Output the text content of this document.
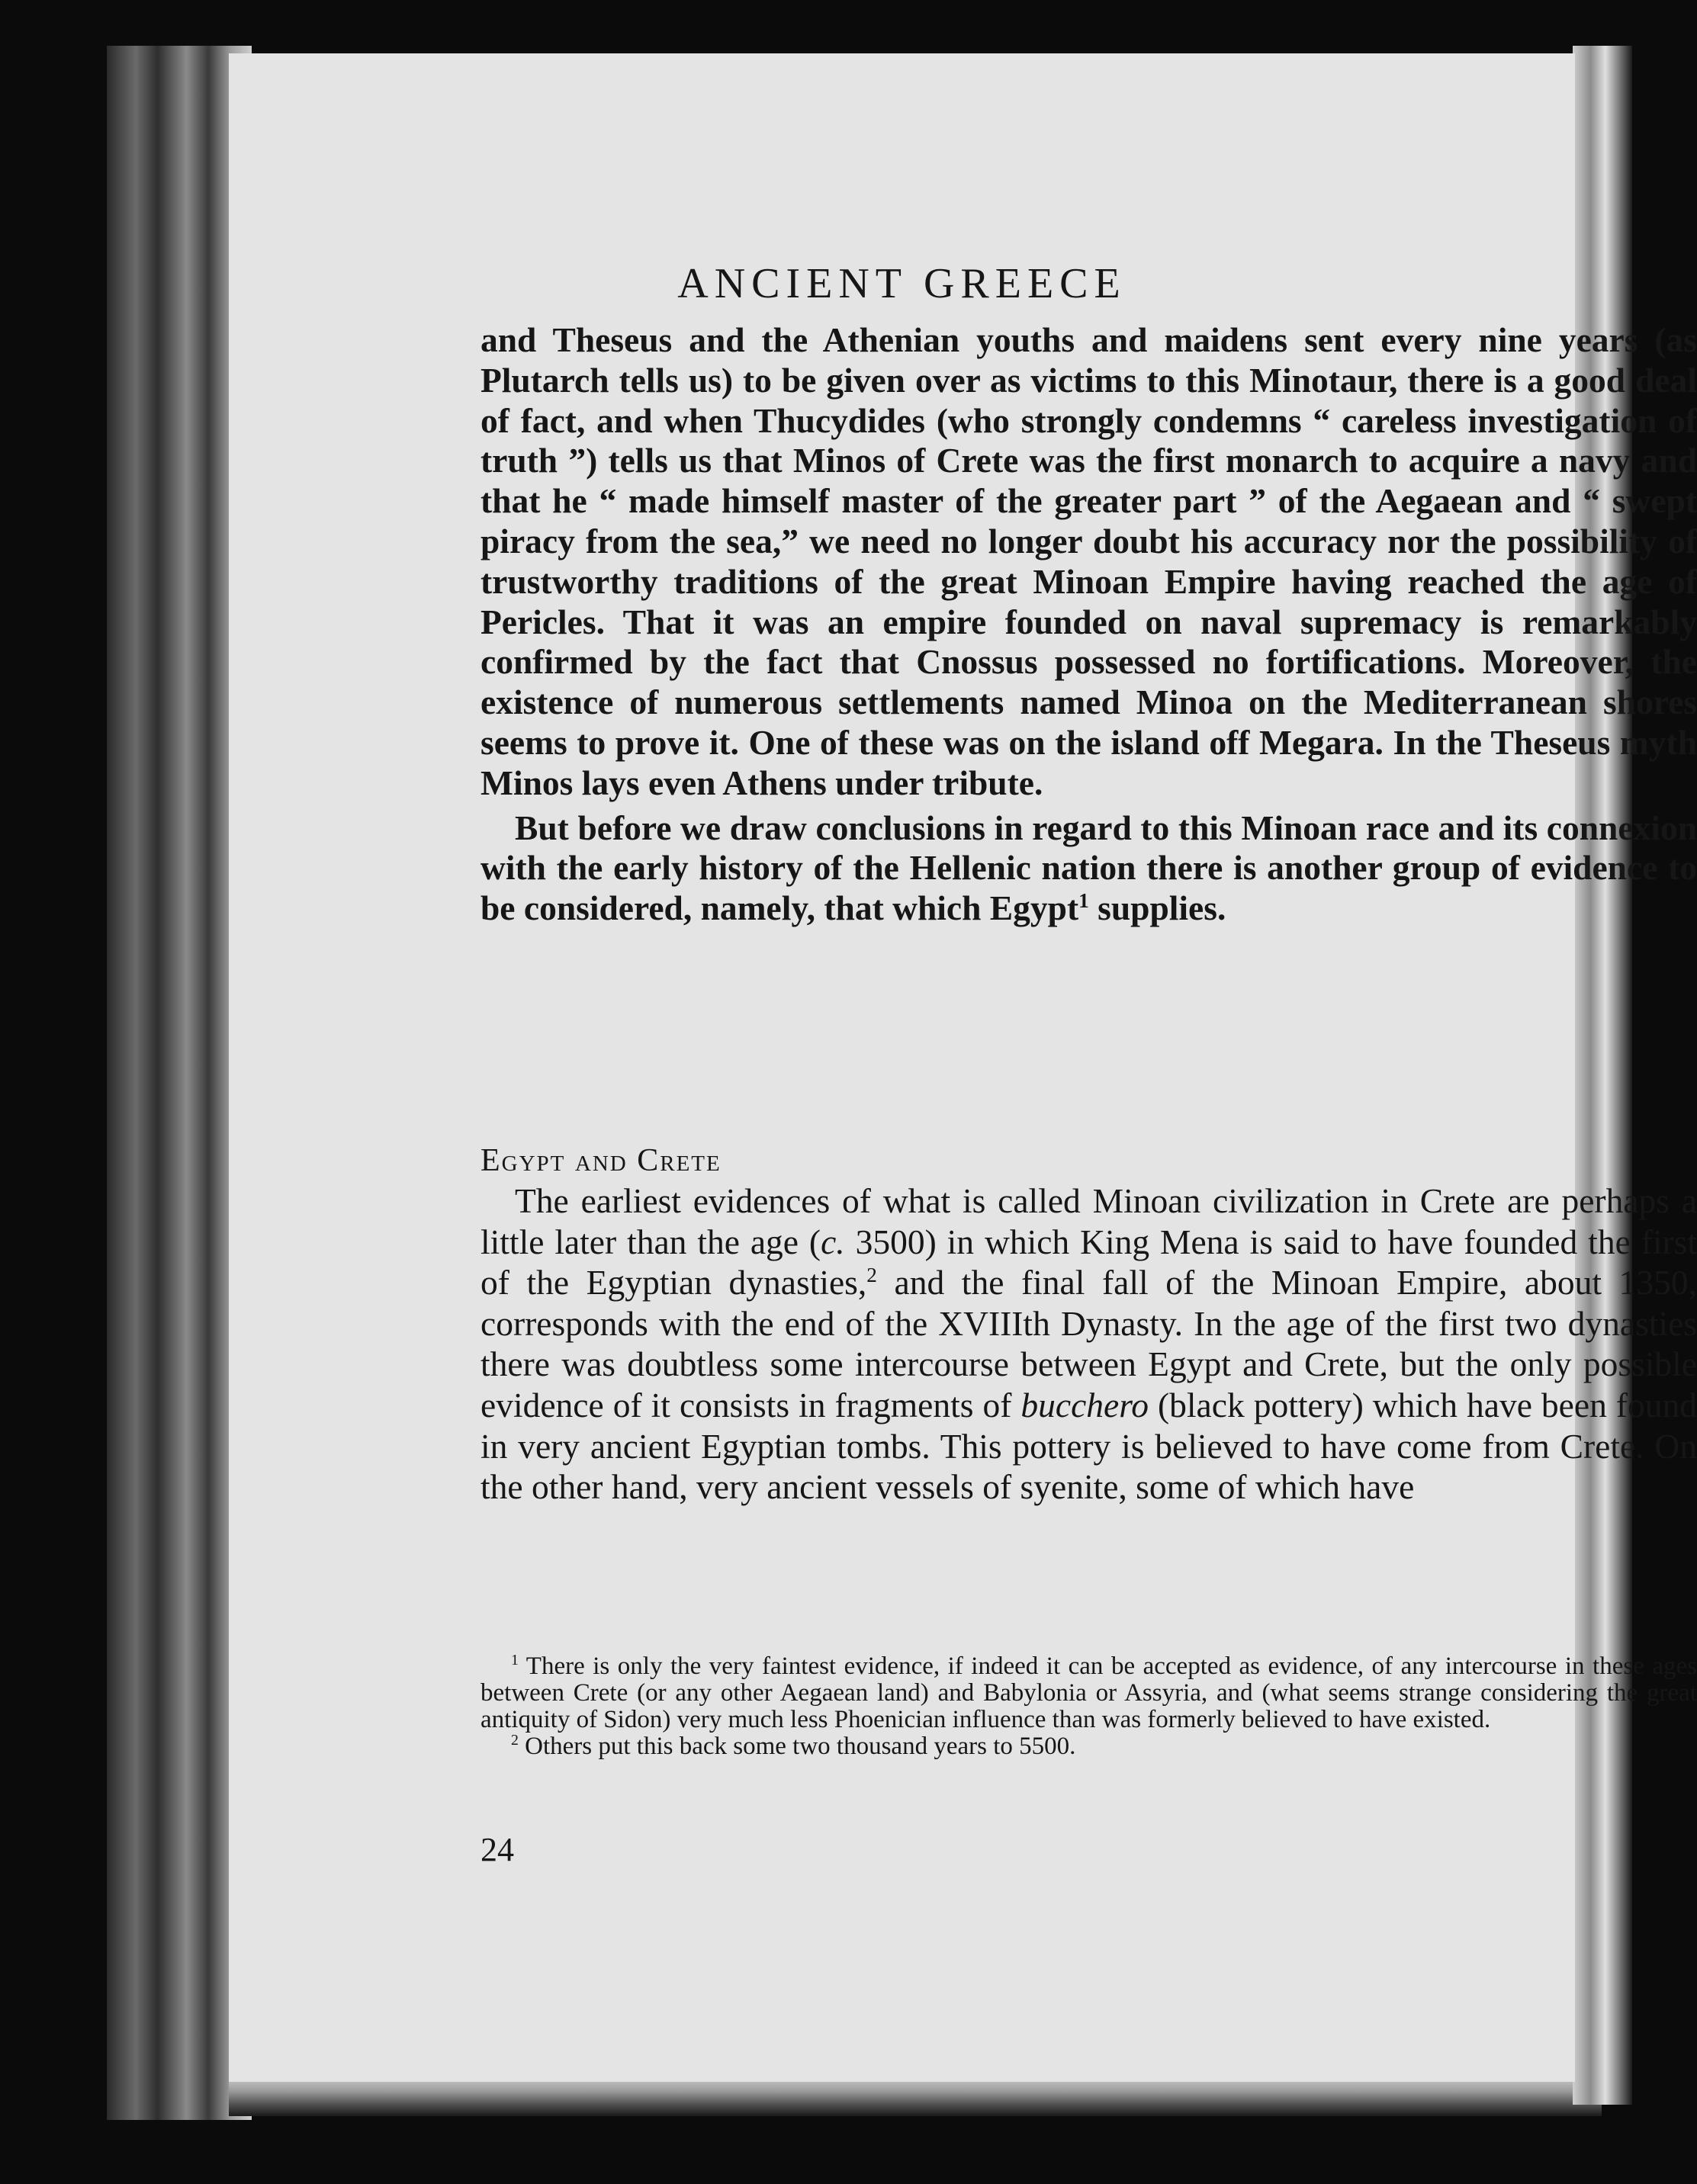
ANCIENT GREECE

and Theseus and the Athenian youths and maidens sent every nine years (as Plutarch tells us) to be given over as victims to this Minotaur, there is a good deal of fact, and when Thucydides (who strongly condemns “ careless investigation of truth ”) tells us that Minos of Crete was the first monarch to acquire a navy and that he “ made himself master of the greater part ” of the Aegaean and “ swept piracy from the sea,” we need no longer doubt his accuracy nor the possibility of trustworthy traditions of the great Minoan Empire having reached the age of Pericles. That it was an empire founded on naval supremacy is remarkably confirmed by the fact that Cnossus possessed no fortifications. Moreover, the existence of numerous settlements named Minoa on the Mediterranean shores seems to prove it. One of these was on the island off Megara. In the Theseus myth Minos lays even Athens under tribute.

But before we draw conclusions in regard to this Minoan race and its connexion with the early history of the Hellenic nation there is another group of evidence to be considered, namely, that which Egypt$^1$ supplies.

Egypt and Crete

The earliest evidences of what is called Minoan civilization in Crete are perhaps a little later than the age (c. 3500) in which King Mena is said to have founded the first of the Egyptian dynasties,$^2$ and the final fall of the Minoan Empire, about 1350, corresponds with the end of the XVIIIth Dynasty. In the age of the first two dynasties there was doubtless some intercourse between Egypt and Crete, but the only possible evidence of it consists in fragments of bucchero (black pottery) which have been found in very ancient Egyptian tombs. This pottery is believed to have come from Crete. On the other hand, very ancient vessels of syenite, some of which have

$^1$ There is only the very faintest evidence, if indeed it can be accepted as evidence, of any intercourse in these ages between Crete (or any other Aegaean land) and Babylonia or Assyria, and (what seems strange considering the great antiquity of Sidon) very much less Phoenician influence than was formerly believed to have existed.

$^2$ Others put this back some two thousand years to 5500.

24
